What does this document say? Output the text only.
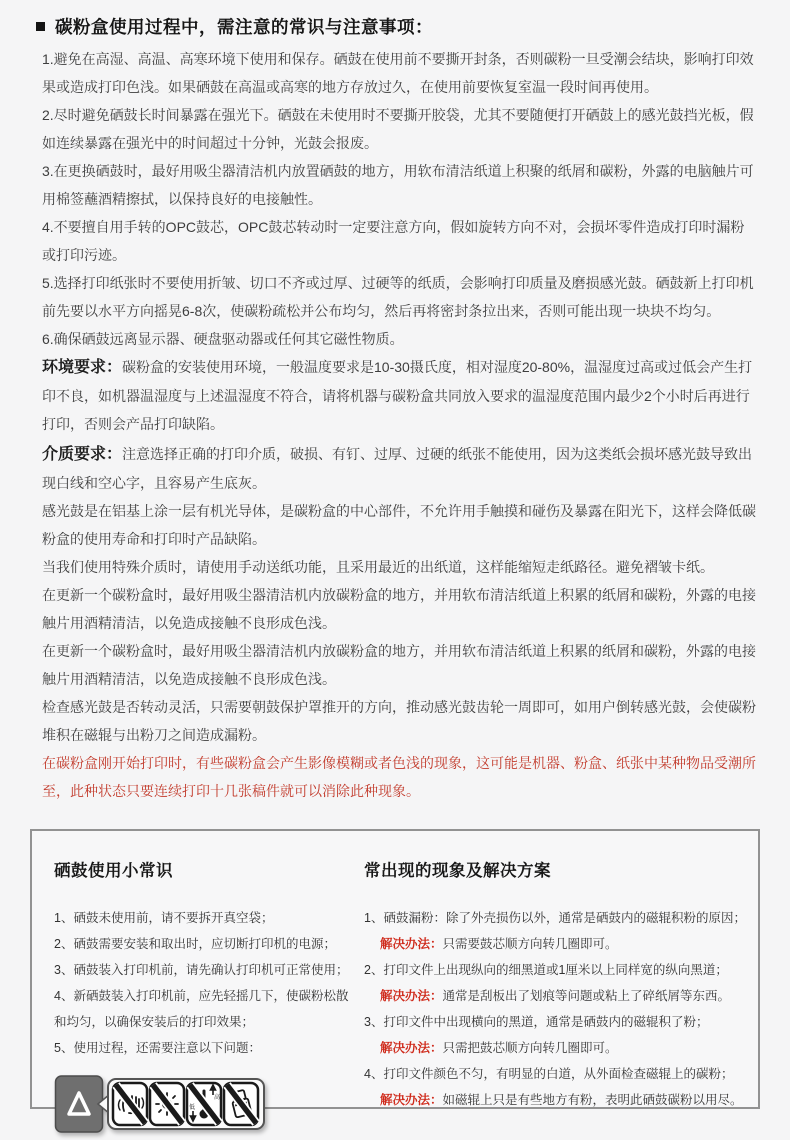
碳粉盒使用过程中，需注意的常识与注意事项：

1.避免在高湿、高温、高寒环境下使用和保存。硒鼓在使用前不要撕开封条，否则碳粉一旦受潮会结块，影响打印效果或造成打印色浅。如果硒鼓在高温或高寒的地方存放过久，在使用前要恢复室温一段时间再使用。

2.尽时避免硒鼓长时间暴露在强光下。硒鼓在未使用时不要撕开胶袋，尤其不要随便打开硒鼓上的感光鼓挡光板，假如连续暴露在强光中的时间超过十分钟，光鼓会报废。

3.在更换硒鼓时，最好用吸尘器清洁机内放置硒鼓的地方，用软布清洁纸道上积聚的纸屑和碳粉，外露的电脑触片可用棉签蘸酒精擦拭，以保持良好的电接触性。

4.不要擅自用手转的OPC鼓芯，OPC鼓芯转动时一定要注意方向，假如旋转方向不对，会损坏零件造成打印时漏粉或打印污迹。

5.选择打印纸张时不要使用折皱、切口不齐或过厚、过硬等的纸质，会影响打印质量及磨损感光鼓。硒鼓新上打印机前先要以水平方向摇晃6-8次，使碳粉疏松并公布均匀，然后再将密封条拉出来，否则可能出现一块块不均匀。

6.确保硒鼓远离显示器、硬盘驱动器或任何其它磁性物质。

环境要求：碳粉盒的安装使用环境，一般温度要求是10-30摄氏度，相对湿度20-80%，温湿度过高或过低会产生打印不良，如机器温湿度与上述温湿度不符合，请将机器与碳粉盒共同放入要求的温湿度范围内最少2个小时后再进行打印，否则会产品打印缺陷。

介质要求：注意选择正确的打印介质，破损、有钉、过厚、过硬的纸张不能使用，因为这类纸会损坏感光鼓导致出现白线和空心字，且容易产生底灰。

感光鼓是在铝基上涂一层有机光导体，是碳粉盒的中心部件，不允许用手触摸和碰伤及暴露在阳光下，这样会降低碳粉盒的使用寿命和打印时产品缺陷。

当我们使用特殊介质时，请使用手动送纸功能，且采用最近的出纸道，这样能缩短走纸路径。避免褶皱卡纸。

在更新一个碳粉盒时，最好用吸尘器清洁机内放碳粉盒的地方，并用软布清洁纸道上积累的纸屑和碳粉，外露的电接触片用酒精清洁，以免造成接触不良形成色浅。

在更新一个碳粉盒时，最好用吸尘器清洁机内放碳粉盒的地方，并用软布清洁纸道上积累的纸屑和碳粉，外露的电接触片用酒精清洁，以免造成接触不良形成色浅。

检查感光鼓是否转动灵活，只需要朝鼓保护罩推开的方向，推动感光鼓齿轮一周即可，如用户倒转感光鼓，会使碳粉堆积在磁辊与出粉刀之间造成漏粉。

在碳粉盒刚开始打印时，有些碳粉盒会产生影像模糊或者色浅的现象，这可能是机器、粉盒、纸张中某种物品受潮所至，此种状态只要连续打印十几张稿件就可以消除此种现象。

硒鼓使用小常识

1、硒鼓未使用前，请不要拆开真空袋；

2、硒鼓需要安装和取出时，应切断打印机的电源；

3、硒鼓装入打印机前，请先确认打印机可正常使用；

4、新硒鼓装入打印机前，应先轻摇几下，使碳粉松散和均匀，以确保安装后的打印效果；

5、使用过程，还需要注意以下问题：

高
低

常出现的现象及解决方案

1、硒鼓漏粉：除了外壳损伤以外，通常是硒鼓内的磁辊积粉的原因；

解决办法：只需要鼓芯顺方向转几圈即可。

2、打印文件上出现纵向的细黑道或1厘米以上同样宽的纵向黑道；

解决办法：通常是刮板出了划痕等问题或粘上了碎纸屑等东西。

3、打印文件中出现横向的黑道，通常是硒鼓内的磁辊积了粉；

解决办法：只需把鼓芯顺方向转几圈即可。

4、打印文件颜色不匀，有明显的白道，从外面检查磁辊上的碳粉；

解决办法：如磁辊上只是有些地方有粉，表明此硒鼓碳粉以用尽。
